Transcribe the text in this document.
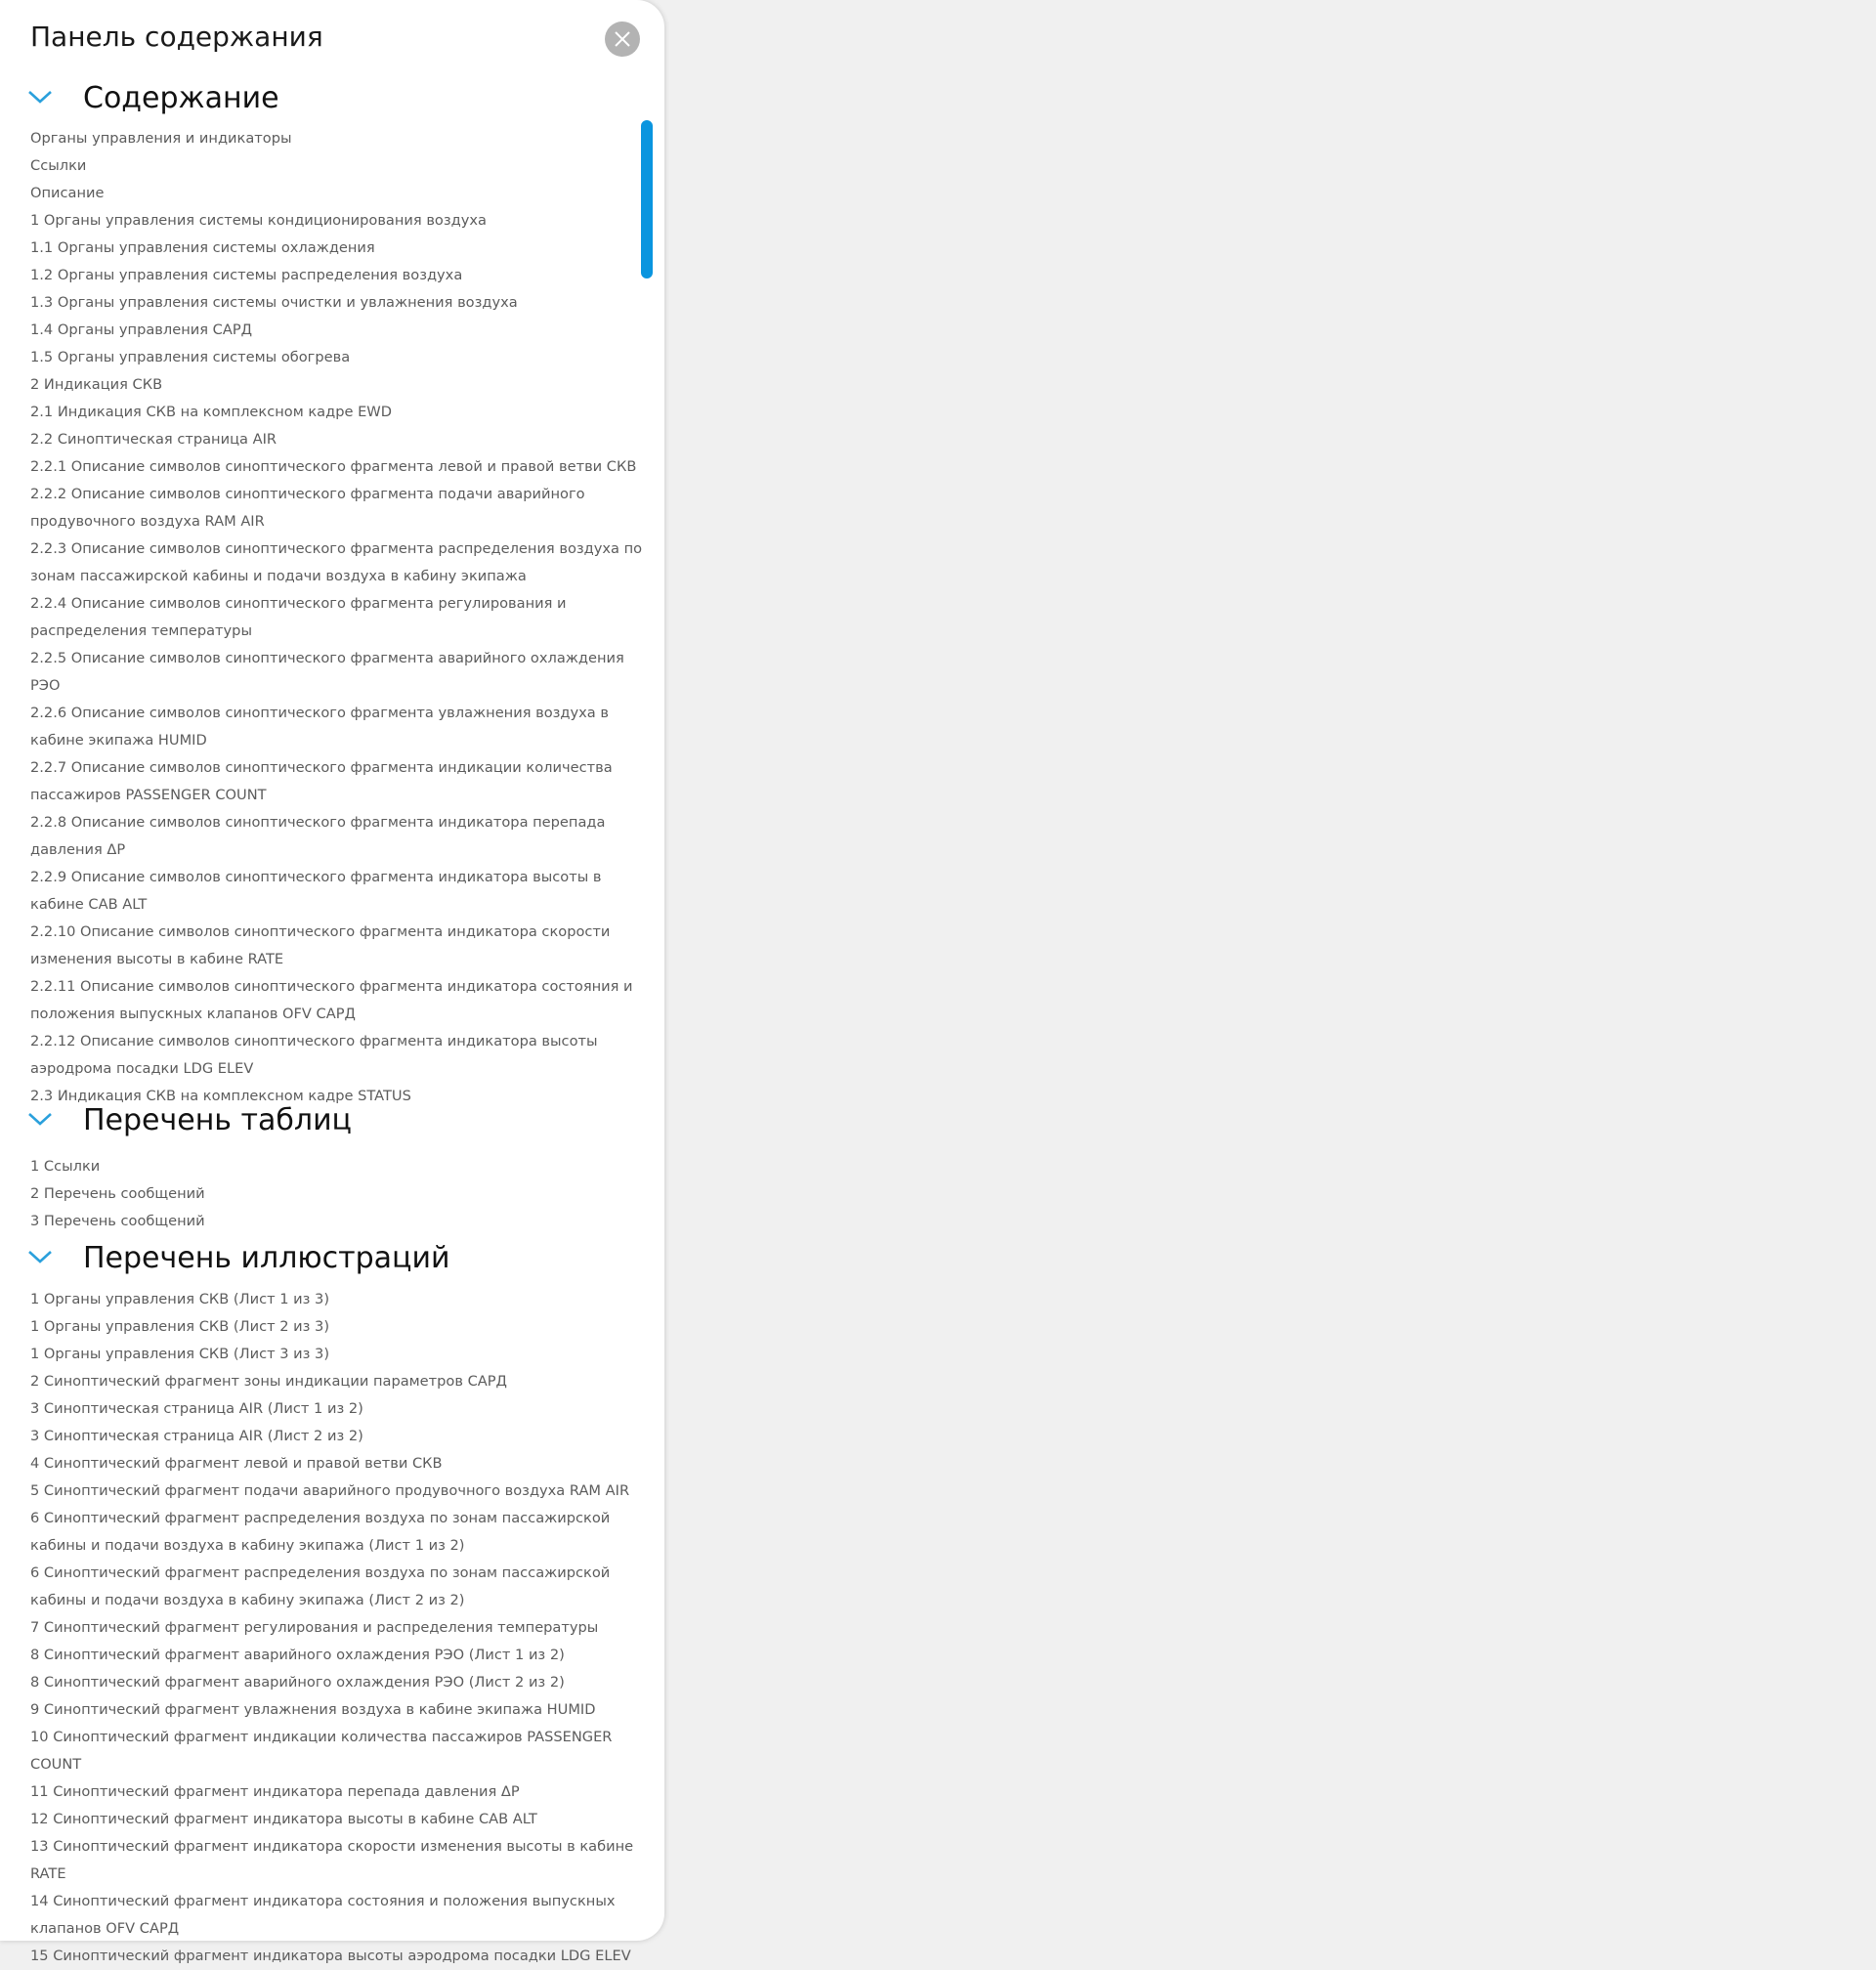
Панель содержания
Содержание
Органы управления и индикаторы
Ссылки
Описание
1 Органы управления системы кондиционирования воздуха
1.1 Органы управления системы охлаждения
1.2 Органы управления системы распределения воздуха
1.3 Органы управления системы очистки и увлажнения воздуха
1.4 Органы управления САРД
1.5 Органы управления системы обогрева
2 Индикация СКВ
2.1 Индикация СКВ на комплексном кадре EWD
2.2 Синоптическая страница AIR
2.2.1 Описание символов синоптического фрагмента левой и правой ветви СКВ
2.2.2 Описание символов синоптического фрагмента подачи аварийного продувочного воздуха RAM AIR
2.2.3 Описание символов синоптического фрагмента распределения воздуха по зонам пассажирской кабины и подачи воздуха в кабину экипажа
2.2.4 Описание символов синоптического фрагмента регулирования и распределения температуры
2.2.5 Описание символов синоптического фрагмента аварийного охлаждения РЭО
2.2.6 Описание символов синоптического фрагмента увлажнения воздуха в кабине экипажа HUMID
2.2.7 Описание символов синоптического фрагмента индикации количества пассажиров PASSENGER COUNT
2.2.8 Описание символов синоптического фрагмента индикатора перепада давления ΔP
2.2.9 Описание символов синоптического фрагмента индикатора высоты в кабине CAB ALT
2.2.10 Описание символов синоптического фрагмента индикатора скорости изменения высоты в кабине RATE
2.2.11 Описание символов синоптического фрагмента индикатора состояния и положения выпускных клапанов OFV САРД
2.2.12 Описание символов синоптического фрагмента индикатора высоты аэродрома посадки LDG ELEV
2.3 Индикация СКВ на комплексном кадре STATUS
Перечень таблиц
1 Ссылки
2 Перечень сообщений
3 Перечень сообщений
Перечень иллюстраций
1 Органы управления СКВ (Лист 1 из 3)
1 Органы управления СКВ (Лист 2 из 3)
1 Органы управления СКВ (Лист 3 из 3)
2 Синоптический фрагмент зоны индикации параметров САРД
3 Синоптическая страница AIR (Лист 1 из 2)
3 Синоптическая страница AIR (Лист 2 из 2)
4 Синоптический фрагмент левой и правой ветви СКВ
5 Синоптический фрагмент подачи аварийного продувочного воздуха RAM AIR
6 Синоптический фрагмент распределения воздуха по зонам пассажирской кабины и подачи воздуха в кабину экипажа (Лист 1 из 2)
6 Синоптический фрагмент распределения воздуха по зонам пассажирской кабины и подачи воздуха в кабину экипажа (Лист 2 из 2)
7 Синоптический фрагмент регулирования и распределения температуры
8 Синоптический фрагмент аварийного охлаждения РЭО (Лист 1 из 2)
8 Синоптический фрагмент аварийного охлаждения РЭО (Лист 2 из 2)
9 Синоптический фрагмент увлажнения воздуха в кабине экипажа HUMID
10 Синоптический фрагмент индикации количества пассажиров PASSENGER COUNT
11 Синоптический фрагмент индикатора перепада давления ΔP
12 Синоптический фрагмент индикатора высоты в кабине CAB ALT
13 Синоптический фрагмент индикатора скорости изменения высоты в кабине RATE
14 Синоптический фрагмент индикатора состояния и положения выпускных клапанов OFV САРД
15 Синоптический фрагмент индикатора высоты аэродрома посадки LDG ELEV
